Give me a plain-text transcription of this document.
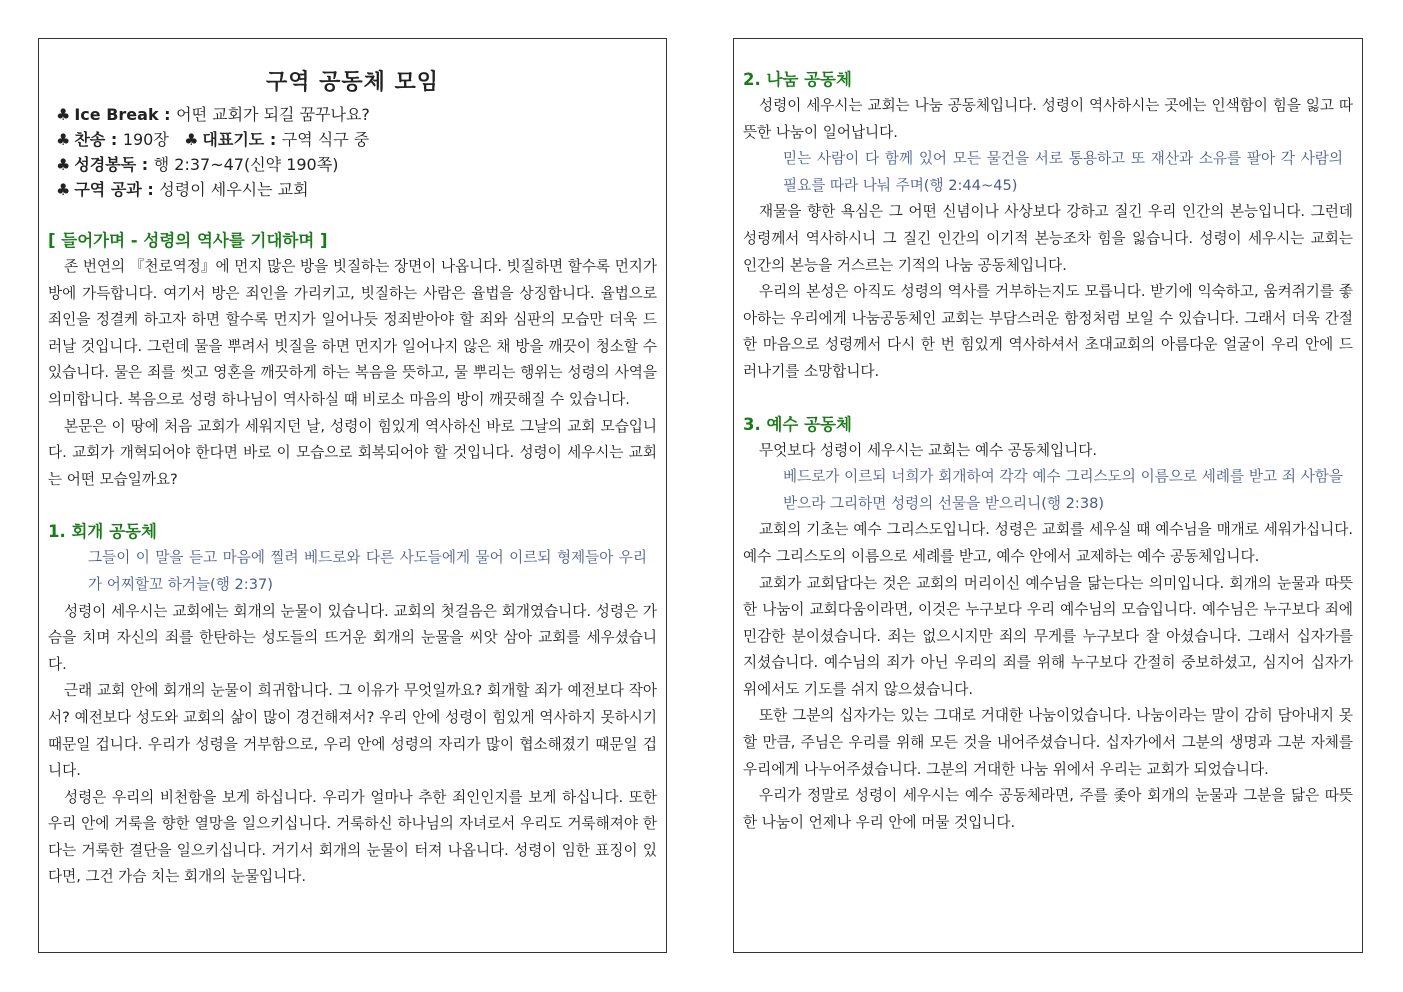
구역 공동체 모임
♣ Ice Break : 어떤 교회가 되길 꿈꾸나요?
♣ 찬송 : 190장 ♣ 대표기도 : 구역 식구 중
♣ 성경봉독 : 행 2:37~47(신약 190쪽)
♣ 구역 공과 : 성령이 세우시는 교회
[ 들어가며 - 성령의 역사를 기대하며 ]

존 번연의 『천로역정』에 먼지 많은 방을 빗질하는 장면이 나옵니다. 빗질하면 할수록 먼지가 방에 가득합니다. 여기서 방은 죄인을 가리키고, 빗질하는 사람은 율법을 상징합니다. 율법으로 죄인을 정결케 하고자 하면 할수록 먼지가 일어나듯 정죄받아야 할 죄와 심판의 모습만 더욱 드러날 것입니다. 그런데 물을 뿌려서 빗질을 하면 먼지가 일어나지 않은 채 방을 깨끗이 청소할 수 있습니다. 물은 죄를 씻고 영혼을 깨끗하게 하는 복음을 뜻하고, 물 뿌리는 행위는 성령의 사역을 의미합니다. 복음으로 성령 하나님이 역사하실 때 비로소 마음의 방이 깨끗해질 수 있습니다.

본문은 이 땅에 처음 교회가 세워지던 날, 성령이 힘있게 역사하신 바로 그날의 교회 모습입니다. 교회가 개혁되어야 한다면 바로 이 모습으로 회복되어야 할 것입니다. 성령이 세우시는 교회는 어떤 모습일까요?

1. 회개 공동체

그들이 이 말을 듣고 마음에 찔려 베드로와 다른 사도들에게 물어 이르되 형제들아 우리가 어찌할꼬 하거늘(행 2:37)

성령이 세우시는 교회에는 회개의 눈물이 있습니다. 교회의 첫걸음은 회개였습니다. 성령은 가슴을 치며 자신의 죄를 한탄하는 성도들의 뜨거운 회개의 눈물을 씨앗 삼아 교회를 세우셨습니다.

근래 교회 안에 회개의 눈물이 희귀합니다. 그 이유가 무엇일까요? 회개할 죄가 예전보다 작아서? 예전보다 성도와 교회의 삶이 많이 경건해져서? 우리 안에 성령이 힘있게 역사하지 못하시기 때문일 겁니다. 우리가 성령을 거부함으로, 우리 안에 성령의 자리가 많이 협소해졌기 때문일 겁니다.

성령은 우리의 비천함을 보게 하십니다. 우리가 얼마나 추한 죄인인지를 보게 하십니다. 또한 우리 안에 거룩을 향한 열망을 일으키십니다. 거룩하신 하나님의 자녀로서 우리도 거룩해져야 한다는 거룩한 결단을 일으키십니다. 거기서 회개의 눈물이 터져 나옵니다. 성령이 임한 표징이 있다면, 그건 가슴 치는 회개의 눈물입니다.

2. 나눔 공동체

성령이 세우시는 교회는 나눔 공동체입니다. 성령이 역사하시는 곳에는 인색함이 힘을 잃고 따뜻한 나눔이 일어납니다.

믿는 사람이 다 함께 있어 모든 물건을 서로 통용하고 또 재산과 소유를 팔아 각 사람의 필요를 따라 나눠 주며(행 2:44~45)

재물을 향한 욕심은 그 어떤 신념이나 사상보다 강하고 질긴 우리 인간의 본능입니다. 그런데 성령께서 역사하시니 그 질긴 인간의 이기적 본능조차 힘을 잃습니다. 성령이 세우시는 교회는 인간의 본능을 거스르는 기적의 나눔 공동체입니다.

우리의 본성은 아직도 성령의 역사를 거부하는지도 모릅니다. 받기에 익숙하고, 움켜쥐기를 좋아하는 우리에게 나눔공동체인 교회는 부담스러운 함정처럼 보일 수 있습니다. 그래서 더욱 간절한 마음으로 성령께서 다시 한 번 힘있게 역사하셔서 초대교회의 아름다운 얼굴이 우리 안에 드러나기를 소망합니다.

3. 예수 공동체

무엇보다 성령이 세우시는 교회는 예수 공동체입니다.

베드로가 이르되 너희가 회개하여 각각 예수 그리스도의 이름으로 세례를 받고 죄 사함을 받으라 그리하면 성령의 선물을 받으리니(행 2:38)

교회의 기초는 예수 그리스도입니다. 성령은 교회를 세우실 때 예수님을 매개로 세워가십니다. 예수 그리스도의 이름으로 세례를 받고, 예수 안에서 교제하는 예수 공동체입니다.

교회가 교회답다는 것은 교회의 머리이신 예수님을 닮는다는 의미입니다. 회개의 눈물과 따뜻한 나눔이 교회다움이라면, 이것은 누구보다 우리 예수님의 모습입니다. 예수님은 누구보다 죄에 민감한 분이셨습니다. 죄는 없으시지만 죄의 무게를 누구보다 잘 아셨습니다. 그래서 십자가를 지셨습니다. 예수님의 죄가 아닌 우리의 죄를 위해 누구보다 간절히 중보하셨고, 심지어 십자가 위에서도 기도를 쉬지 않으셨습니다.

또한 그분의 십자가는 있는 그대로 거대한 나눔이었습니다. 나눔이라는 말이 감히 담아내지 못할 만큼, 주님은 우리를 위해 모든 것을 내어주셨습니다. 십자가에서 그분의 생명과 그분 자체를 우리에게 나누어주셨습니다. 그분의 거대한 나눔 위에서 우리는 교회가 되었습니다.

우리가 정말로 성령이 세우시는 예수 공동체라면, 주를 좇아 회개의 눈물과 그분을 닮은 따뜻한 나눔이 언제나 우리 안에 머물 것입니다.
